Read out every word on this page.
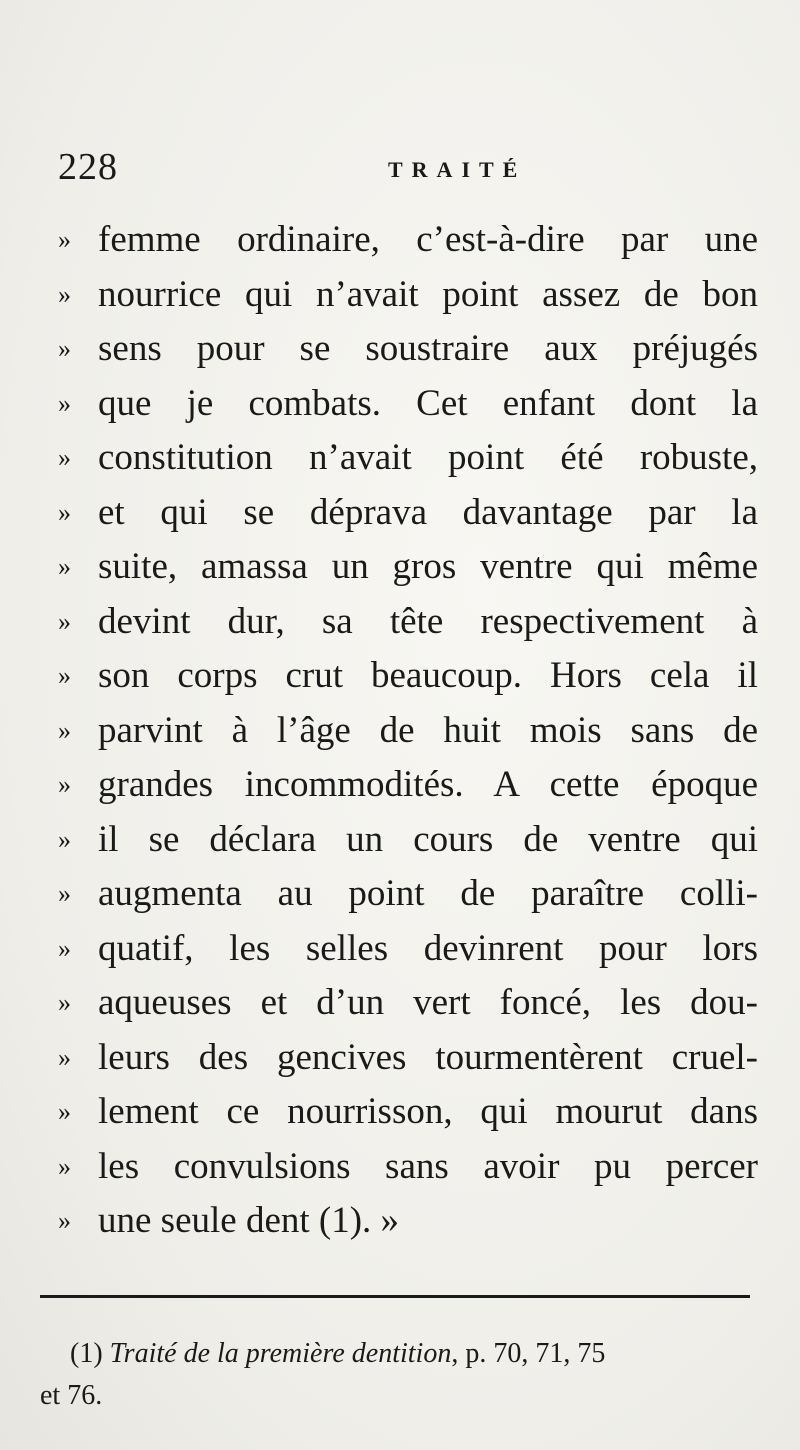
228	TRAITÉ
» femme ordinaire, c’est-à-dire par une
» nourrice qui n’avait point assez de bon
» sens pour se soustraire aux préjugés
» que je combats. Cet enfant dont la
» constitution n’avait point été robuste,
» et qui se déprava davantage par la
» suite, amassa un gros ventre qui même
» devint dur, sa tête respectivement à
» son corps crut beaucoup. Hors cela il
» parvint à l’âge de huit mois sans de
» grandes incommodités. A cette époque
» il se déclara un cours de ventre qui
» augmenta au point de paraître colli-
» quatif, les selles devinrent pour lors
» aqueuses et d’un vert foncé, les dou-
» leurs des gencives tourmentèrent cruel-
» lement ce nourrisson, qui mourut dans
» les convulsions sans avoir pu percer
» une seule dent (1). »
(1) Traité de la première dentition, p. 70, 71, 75
et 76.
